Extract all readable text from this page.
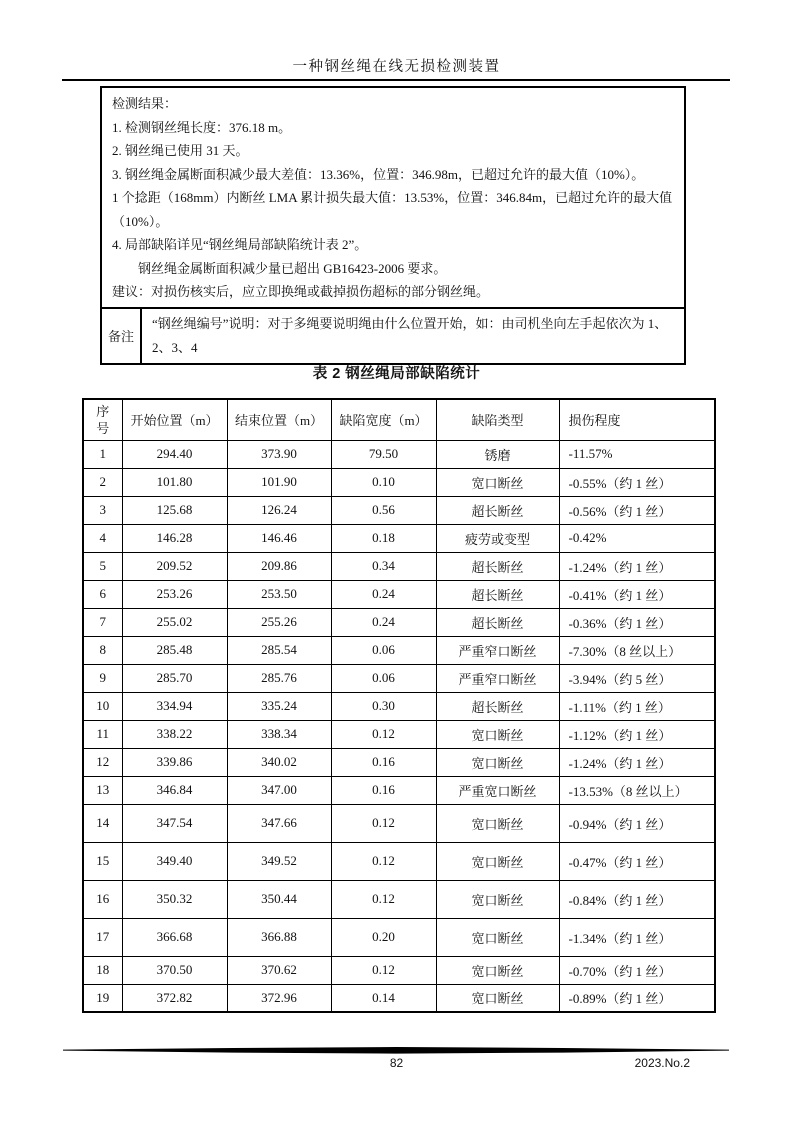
一种钢丝绳在线无损检测装置
检测结果：
1. 检测钢丝绳长度：376.18 m。
2. 钢丝绳已使用 31 天。
3. 钢丝绳金属断面积减少最大差值：13.36%，位置：346.98m，已超过允许的最大值（10%）。
1 个捻距（168mm）内断丝 LMA 累计损失最大值：13.53%，位置：346.84m，已超过允许的最大值（10%）。
4. 局部缺陷详见“钢丝绳局部缺陷统计表 2”。
钢丝绳金属断面积减少量已超出 GB16423-2006 要求。
建议：对损伤核实后，应立即换绳或截掉损伤超标的部分钢丝绳。
备注
“钢丝绳编号”说明：对于多绳要说明绳由什么位置开始，如：由司机坐向左手起依次为 1、2、3、4
表 2 钢丝绳局部缺陷统计
序号	开始位置（m）	结束位置（m）	缺陷宽度（m）	缺陷类型	损伤程度
1	294.40	373.90	79.50	锈磨	-11.57%
2	101.80	101.90	0.10	宽口断丝	-0.55%（约 1 丝）
3	125.68	126.24	0.56	超长断丝	-0.56%（约 1 丝）
4	146.28	146.46	0.18	疲劳或变型	-0.42%
5	209.52	209.86	0.34	超长断丝	-1.24%（约 1 丝）
6	253.26	253.50	0.24	超长断丝	-0.41%（约 1 丝）
7	255.02	255.26	0.24	超长断丝	-0.36%（约 1 丝）
8	285.48	285.54	0.06	严重窄口断丝	-7.30%（8 丝以上）
9	285.70	285.76	0.06	严重窄口断丝	-3.94%（约 5 丝）
10	334.94	335.24	0.30	超长断丝	-1.11%（约 1 丝）
11	338.22	338.34	0.12	宽口断丝	-1.12%（约 1 丝）
12	339.86	340.02	0.16	宽口断丝	-1.24%（约 1 丝）
13	346.84	347.00	0.16	严重宽口断丝	-13.53%（8 丝以上）
14	347.54	347.66	0.12	宽口断丝	-0.94%（约 1 丝）
15	349.40	349.52	0.12	宽口断丝	-0.47%（约 1 丝）
16	350.32	350.44	0.12	宽口断丝	-0.84%（约 1 丝）
17	366.68	366.88	0.20	宽口断丝	-1.34%（约 1 丝）
18	370.50	370.62	0.12	宽口断丝	-0.70%（约 1 丝）
19	372.82	372.96	0.14	宽口断丝	-0.89%（约 1 丝）
82	2023.No.2
